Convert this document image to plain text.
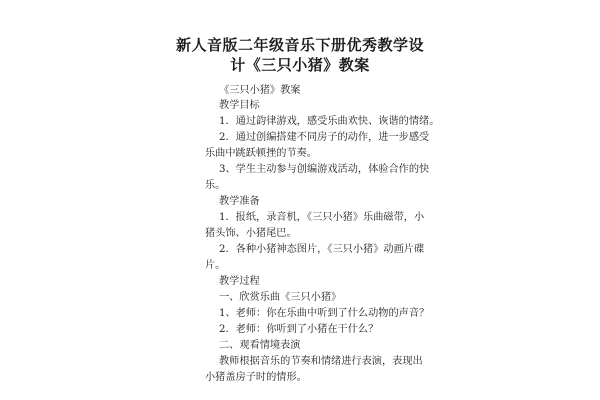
新人音版二年级音乐下册优秀教学设
计《三只小猪》教案
《三只小猪》教案
教学目标
1．通过韵律游戏，感受乐曲欢快、诙谐的情绪。
2．通过创编搭建不同房子的动作，进一步感受
乐曲中跳跃顿挫的节奏。
3、学生主动参与创编游戏活动，体验合作的快
乐。
教学准备
1．报纸，录音机，《三只小猪》乐曲磁带，小
猪头饰、小猪尾巴。
2．各种小猪神态图片，《三只小猪》动画片碟
片。
教学过程
一、欣赏乐曲《三只小猪》
1、老师：你在乐曲中听到了什么动物的声音？
2．老师：你听到了小猪在干什么？
二、观看情境表演
教师根据音乐的节奏和情绪进行表演，表现出
小猪盖房子时的情形。
